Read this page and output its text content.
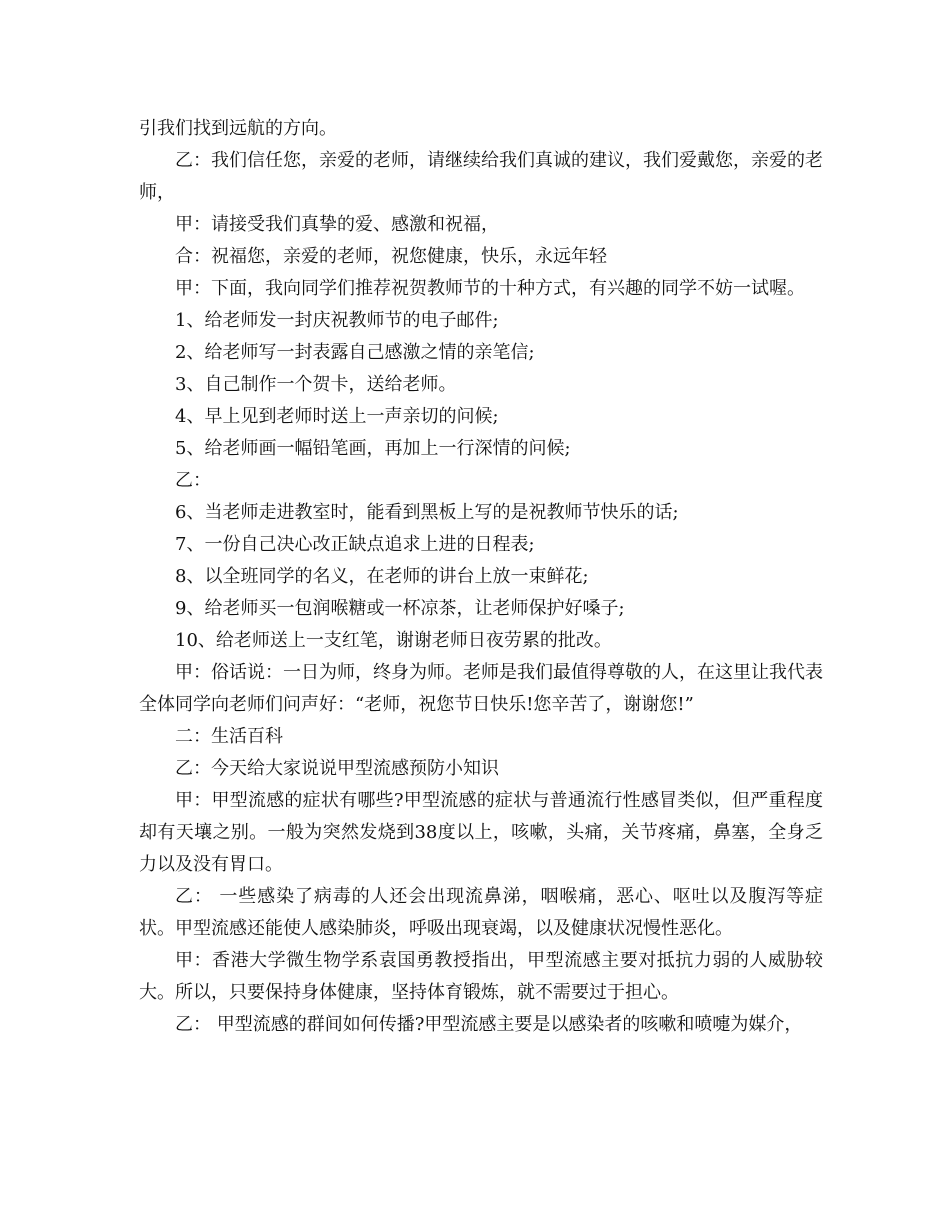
引我们找到远航的方向。

乙：我们信任您，亲爱的老师，请继续给我们真诚的建议，我们爱戴您，亲爱的老师，

甲：请接受我们真挚的爱、感激和祝福，

合：祝福您，亲爱的老师，祝您健康，快乐，永远年轻

甲：下面，我向同学们推荐祝贺教师节的十种方式，有兴趣的同学不妨一试喔。

1、给老师发一封庆祝教师节的电子邮件;

2、给老师写一封表露自己感激之情的亲笔信;

3、自己制作一个贺卡，送给老师。

4、早上见到老师时送上一声亲切的问候;

5、给老师画一幅铅笔画，再加上一行深情的问候;

乙：

6、当老师走进教室时，能看到黑板上写的是祝教师节快乐的话;

7、一份自己决心改正缺点追求上进的日程表;

8、以全班同学的名义，在老师的讲台上放一束鲜花;

9、给老师买一包润喉糖或一杯凉茶，让老师保护好嗓子;

10、给老师送上一支红笔，谢谢老师日夜劳累的批改。

甲：俗话说：一日为师，终身为师。老师是我们最值得尊敬的人，在这里让我代表全体同学向老师们问声好：“老师，祝您节日快乐!您辛苦了，谢谢您!”

二：生活百科

乙：今天给大家说说甲型流感预防小知识

甲：甲型流感的症状有哪些?甲型流感的症状与普通流行性感冒类似，但严重程度却有天壤之别。一般为突然发烧到38度以上，咳嗽，头痛，关节疼痛，鼻塞，全身乏力以及没有胃口。

乙： 一些感染了病毒的人还会出现流鼻涕，咽喉痛，恶心、呕吐以及腹泻等症状。甲型流感还能使人感染肺炎，呼吸出现衰竭，以及健康状况慢性恶化。

甲：香港大学微生物学系袁国勇教授指出，甲型流感主要对抵抗力弱的人威胁较大。所以，只要保持身体健康，坚持体育锻炼，就不需要过于担心。

乙： 甲型流感的群间如何传播?甲型流感主要是以感染者的咳嗽和喷嚏为媒介，
